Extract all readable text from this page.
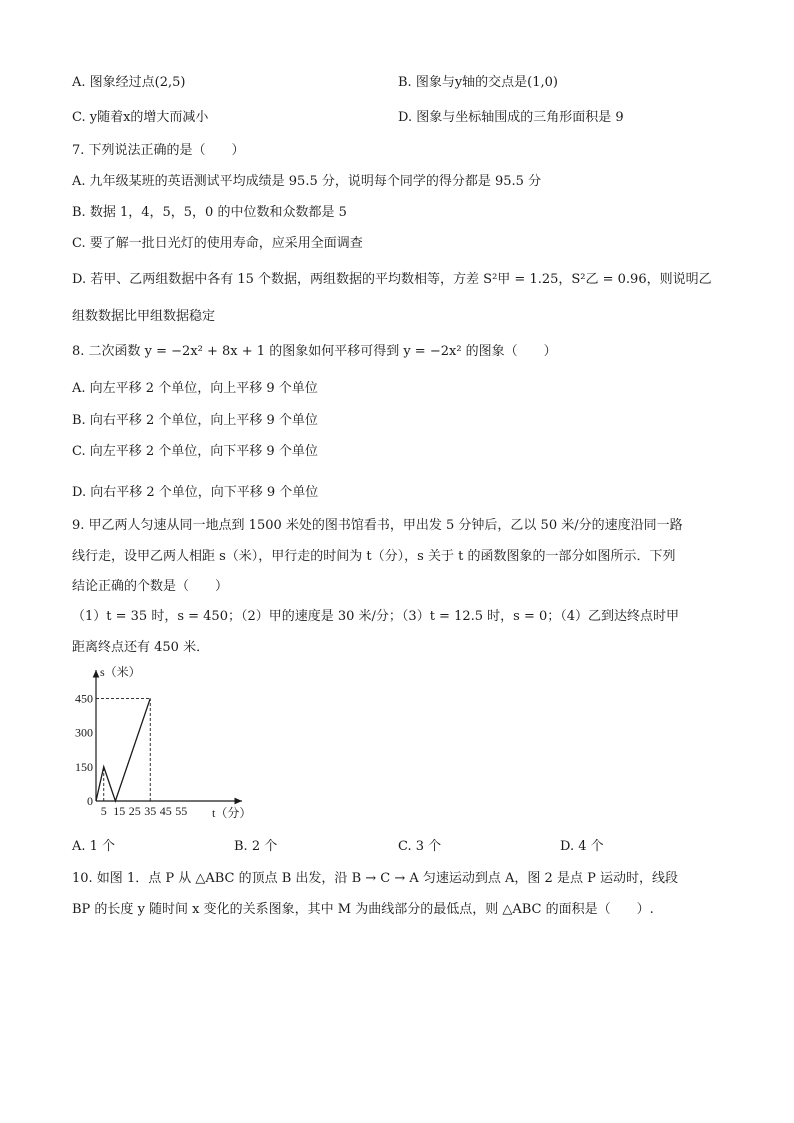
A. 图象经过点(2,5)	B. 图象与y轴的交点是(1,0)
C. y随着x的增大而减小	D. 图象与坐标轴围成的三角形面积是 9
7. 下列说法正确的是（　　）
A. 九年级某班的英语测试平均成绩是 95.5 分，说明每个同学的得分都是 95.5 分
B. 数据 1，4，5，5，0 的中位数和众数都是 5
C. 要了解一批日光灯的使用寿命，应采用全面调查
D. 若甲、乙两组数据中各有 15 个数据，两组数据的平均数相等，方差 S²甲 = 1.25，S²乙 = 0.96，则说明乙
组数数据比甲组数据稳定
8. 二次函数 y = −2x² + 8x + 1 的图象如何平移可得到 y = −2x² 的图象（　　）
A. 向左平移 2 个单位，向上平移 9 个单位
B. 向右平移 2 个单位，向上平移 9 个单位
C. 向左平移 2 个单位，向下平移 9 个单位
D. 向右平移 2 个单位，向下平移 9 个单位
9. 甲乙两人匀速从同一地点到 1500 米处的图书馆看书，甲出发 5 分钟后，乙以 50 米/分的速度沿同一路
线行走，设甲乙两人相距 s（米），甲行走的时间为 t（分），s 关于 t 的函数图象的一部分如图所示．下列
结论正确的个数是（　　）
（1）t = 35 时，s = 450；（2）甲的速度是 30 米/分；（3）t = 12.5 时，s = 0；（4）乙到达终点时甲
距离终点还有 450 米．
0
150
300
450
5 15 25 35 45 55
s（米）
t（分）
A. 1 个	B. 2 个	C. 3 个	D. 4 个
10. 如图 1．点 P 从 △ABC 的顶点 B 出发，沿 B → C → A 匀速运动到点 A，图 2 是点 P 运动时，线段
BP 的长度 y 随时间 x 变化的关系图象，其中 M 为曲线部分的最低点，则 △ABC 的面积是（　　）.
